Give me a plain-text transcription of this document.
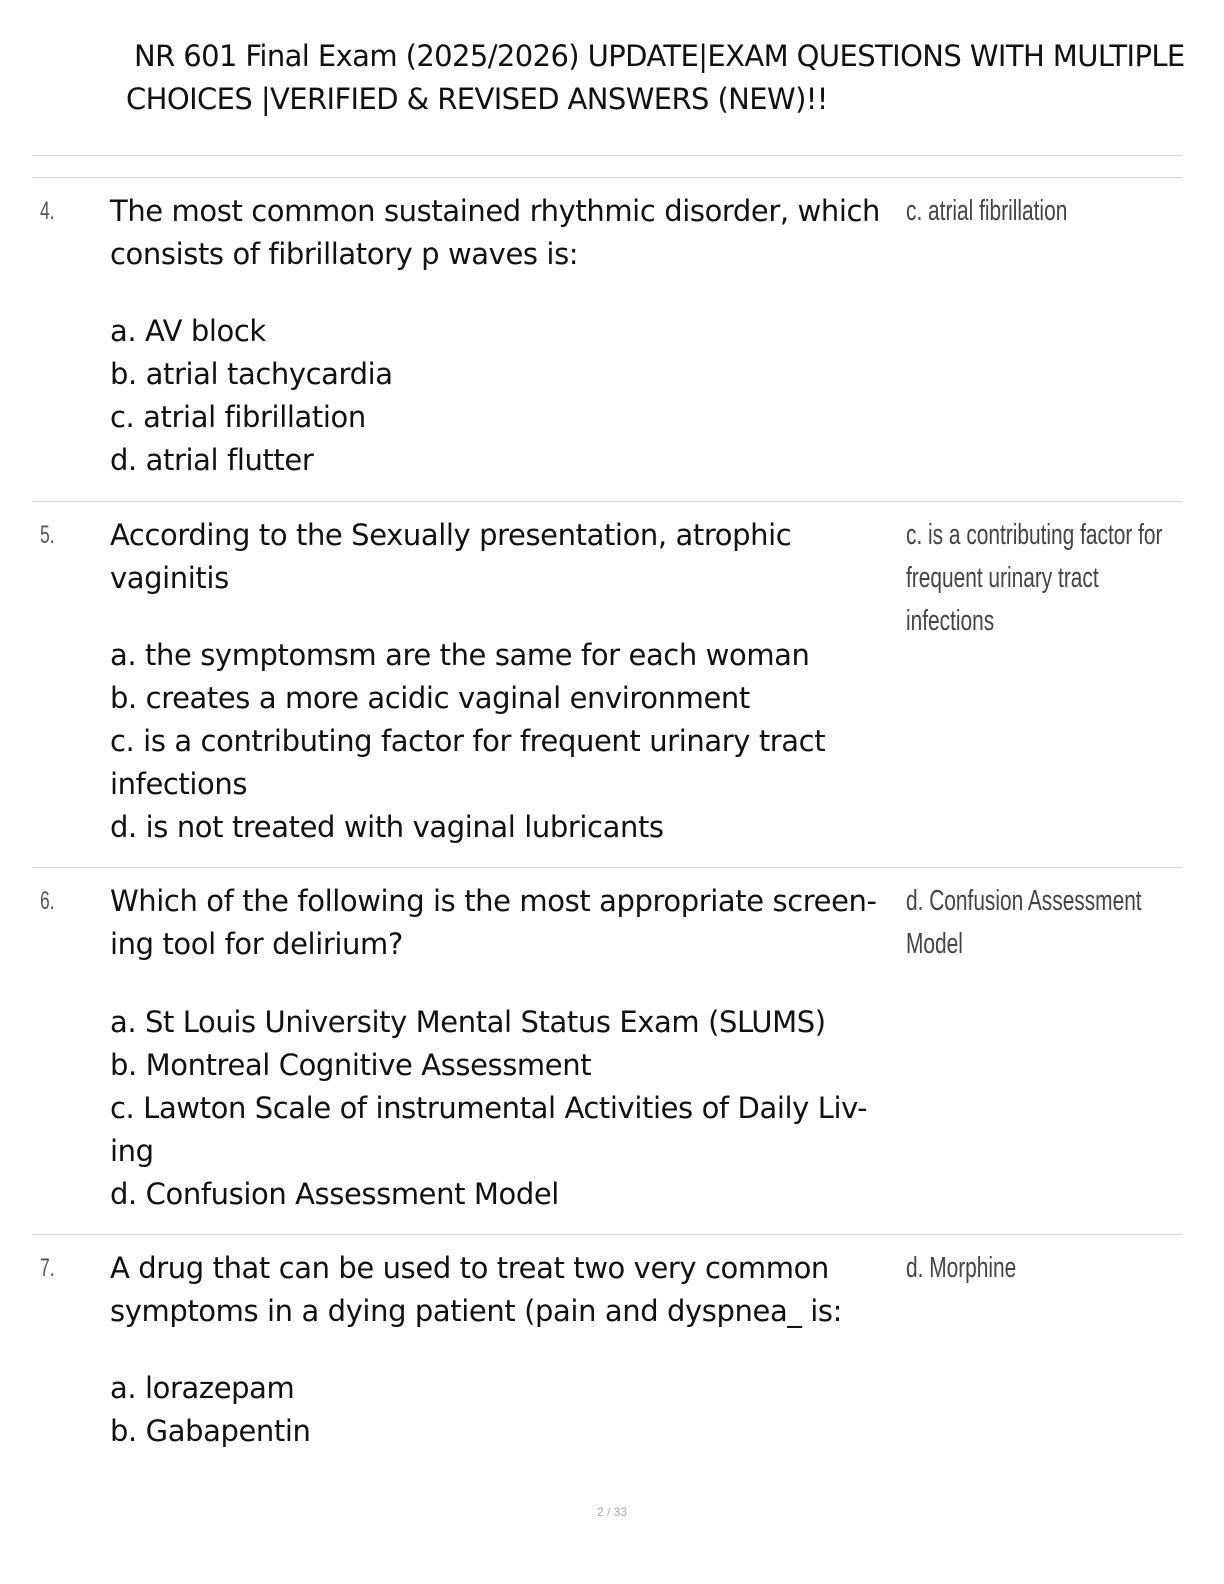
NR 601 Final Exam (2025/2026) UPDATE|EXAM QUESTIONS WITH MULTIPLE
CHOICES |VERIFIED & REVISED ANSWERS (NEW)!!
4. The most common sustained rhythmic disorder, which consists of fibrillatory p waves is:
a. AV block
b. atrial tachycardia
c. atrial fibrillation
d. atrial flutter
c. atrial fibrillation
5. According to the Sexually presentation, atrophic vaginitis
a. the symptomsm are the same for each woman
b. creates a more acidic vaginal environment
c. is a contributing factor for frequent urinary tract infections
d. is not treated with vaginal lubricants
c. is a contributing factor for frequent urinary tract infections
6. Which of the following is the most appropriate screen- ing tool for delirium?
a. St Louis University Mental Status Exam (SLUMS)
b. Montreal Cognitive Assessment
c. Lawton Scale of instrumental Activities of Daily Liv- ing
d. Confusion Assessment Model
d. Confusion Assessment Model
7. A drug that can be used to treat two very common symptoms in a dying patient (pain and dyspnea_ is:
a. lorazepam
b. Gabapentin
d. Morphine
2 / 33
